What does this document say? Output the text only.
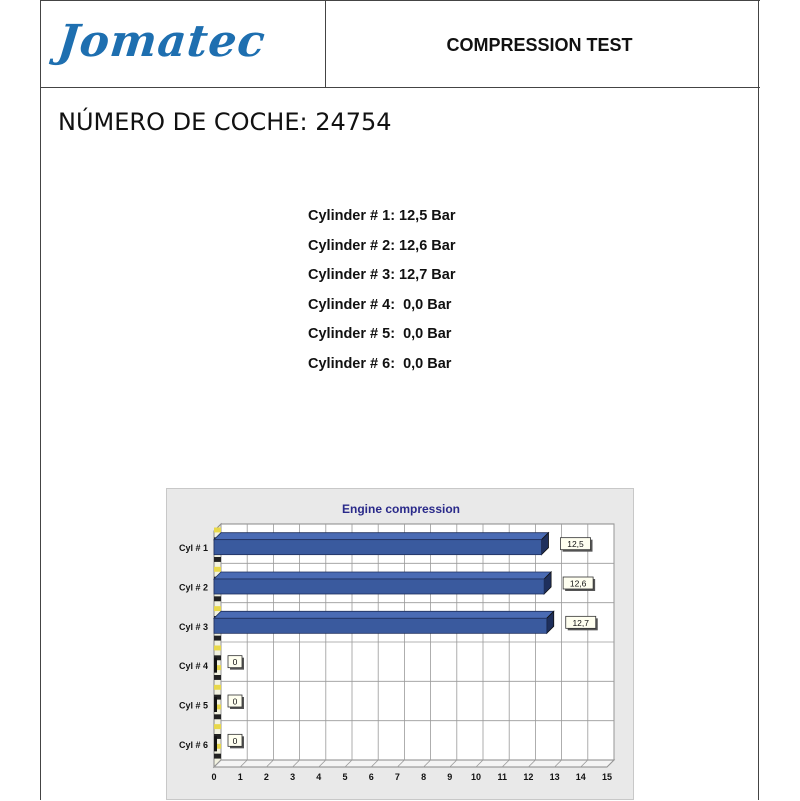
Jomatec	COMPRESSION TEST
NÚMERO DE COCHE: 24754
Cylinder # 1: 12,5 Bar
Cylinder # 2: 12,6 Bar
Cylinder # 3: 12,7 Bar
Cylinder # 4:  0,0 Bar
Cylinder # 5:  0,0 Bar
Cylinder # 6:  0,0 Bar
Engine compression
0 1 2 3 4 5 6 7 8 9 10 11 12 13 14 15
Cyl # 1	12,5
Cyl # 2	12,6
Cyl # 3	12,7
Cyl # 4	0
Cyl # 5	0
Cyl # 6	0
